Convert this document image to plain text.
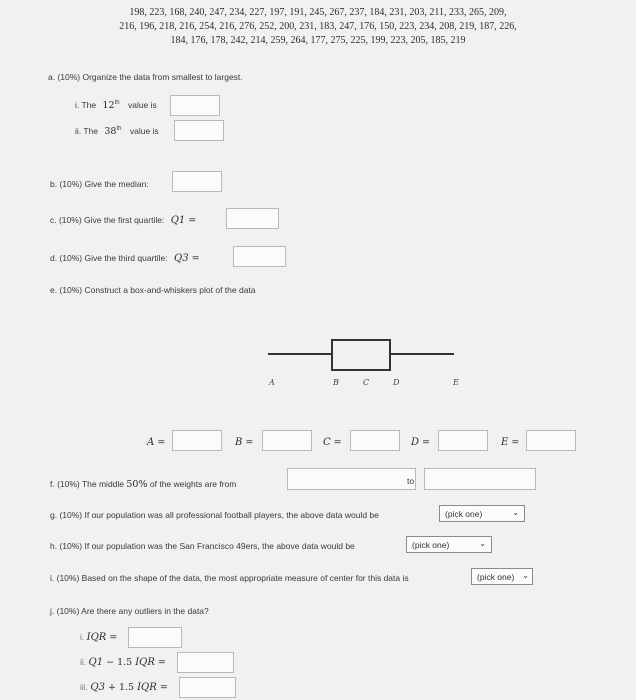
198, 223, 168, 240, 247, 234, 227, 197, 191, 245, 267, 237, 184, 231, 203, 211, 233, 265, 209,
216, 196, 218, 216, 254, 216, 276, 252, 200, 231, 183, 247, 176, 150, 223, 234, 208, 219, 187, 226,
184, 176, 178, 242, 214, 259, 264, 177, 275, 225, 199, 223, 205, 185, 219
a. (10%) Organize the data from smallest to largest.
i. The 12th value is
ii. The 38th value is
b. (10%) Give the median:
c. (10%) Give the first quartile: Q1 =
d. (10%) Give the third quartile: Q3 =
e. (10%) Construct a box-and-whiskers plot of the data
A	B	C	D	E
A =	B =	C =	D =	E =
f. (10%) The middle 50% of the weights are from	to
g. (10%) If our population was all professional football players, the above data would be	(pick one)	⌄
h. (10%) If our population was the San Francisco 49ers, the above data would be	(pick one)	⌄
i. (10%) Based on the shape of the data, the most appropriate measure of center for this data is	(pick one) ⌄
j. (10%) Are there any outliers in the data?
i. IQR =
ii. Q1 − 1.5 IQR =
iii. Q3 + 1.5 IQR =
